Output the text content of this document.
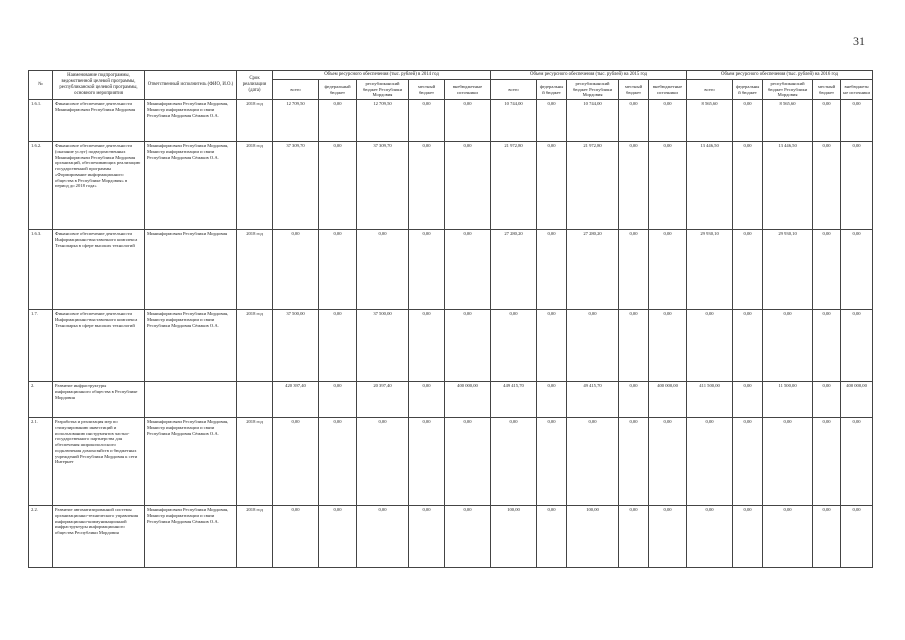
31
№	Наименование подпрограммы, ведомственной целевой программы, республиканской целевой программы, основного мероприятия	Ответственный исполнитель (ФИО, И.О.)	Срок реализации (дата)	Объем ресурсного обеспечения (тыс. рублей) в 2014 год					Объем ресурсного обеспечения (тыс. рублей) на 2015 год					Объем ресурсного обеспечения (тыс. рублей) на 2016 год				
				всего	федеральный бюджет	республиканский бюджет Республики Мордовия	местный бюджет	внебюджетные источники	всего	федеральный бюджет	республиканский бюджет Республики Мордовия	местный бюджет	внебюджетные источники	всего	федеральный бюджет	республиканский бюджет Республики Мордовия	местный бюджет	внебюджетные источники
1.6.1.	Финансовое обеспечение деятельности Мининформсвязи Республики Мордовия	Мининформсвязи Республики Мордовия, Министр информатизации и связи Республики Мордовия Сёмаков О.А.	2018 год	12 709,50	0,00	12 709,50	0,00	0,00	10 744,00	0,00	10 744,00	0,00	0,00	8 565,60	0,00	8 565,60	0,00	0,00
1.6.2.	Финансовое обеспечение деятельности (оказание услуг) подведомственных Мининформсвязи Республики Мордовия организаций, обеспечивающих реализацию государственной программы «Формирование информационного общества в Республике Мордовия» в период до 2018 года»	Мининформсвязи Республики Мордовия, Министр информатизации и связи Республики Мордовия Сёмаков О.А.	2018 год	37 309,70	0,00	37 309,70	0,00	0,00	21 972,80	0,00	21 972,80	0,00	0,00	13 446,50	0,00	13 446,50	0,00	0,00
1.6.3.	Финансовое обеспечение деятельности Информационно-выставочного комплекса Технопарка в сфере высоких технологий	Мининформсвязи Республики Мордовия	2018 год	0,00	0,00	0,00	0,00	0,00	27 280,20	0,00	27 280,20	0,00	0,00	29 930,10	0,00	29 930,10	0,00	0,00
1.7.	Финансовое обеспечение деятельности Информационно-выставочного комплекса Технопарка в сфере высоких технологий	Мининформсвязи Республики Мордовия, Министр информатизации и связи Республики Мордовия Сёмаков О.А.	2018 год	37 500,00	0,00	37 500,00	0,00	0,00	0,00	0,00	0,00	0,00	0,00	0,00	0,00	0,00	0,00	0,00
2.	Развитие инфраструктуры информационного общества в Республике Мордовия			420 397,40	0,00	20 397,40	0,00	400 000,00	449 415,70	0,00	49 415,70	0,00	400 000,00	411 500,00	0,00	11 500,00	0,00	400 000,00
2.1.	Разработка и реализация мер по стимулированию инвестиций и использованию инструментов частно-государственного партнерства для обеспечения широкополосного подключения домохозяйств и бюджетных учреждений Республики Мордовия к сети Интернет	Мининформсвязи Республики Мордовия, Министр информатизации и связи Республики Мордовия Сёмаков О.А.	2018 год	0,00	0,00	0,00	0,00	0,00	0,00	0,00	0,00	0,00	0,00	0,00	0,00	0,00	0,00	0,00
2.2.	Развитие автоматизированной системы организационно-технического управления информационно-коммуникационной инфраструктуры информационного общества Республики Мордовия	Мининформсвязи Республики Мордовия, Министр информатизации и связи Республики Мордовия Сёмаков О.А.	2018 год	0,00	0,00	0,00	0,00	0,00	100,00	0,00	100,00	0,00	0,00	0,00	0,00	0,00	0,00	0,00
